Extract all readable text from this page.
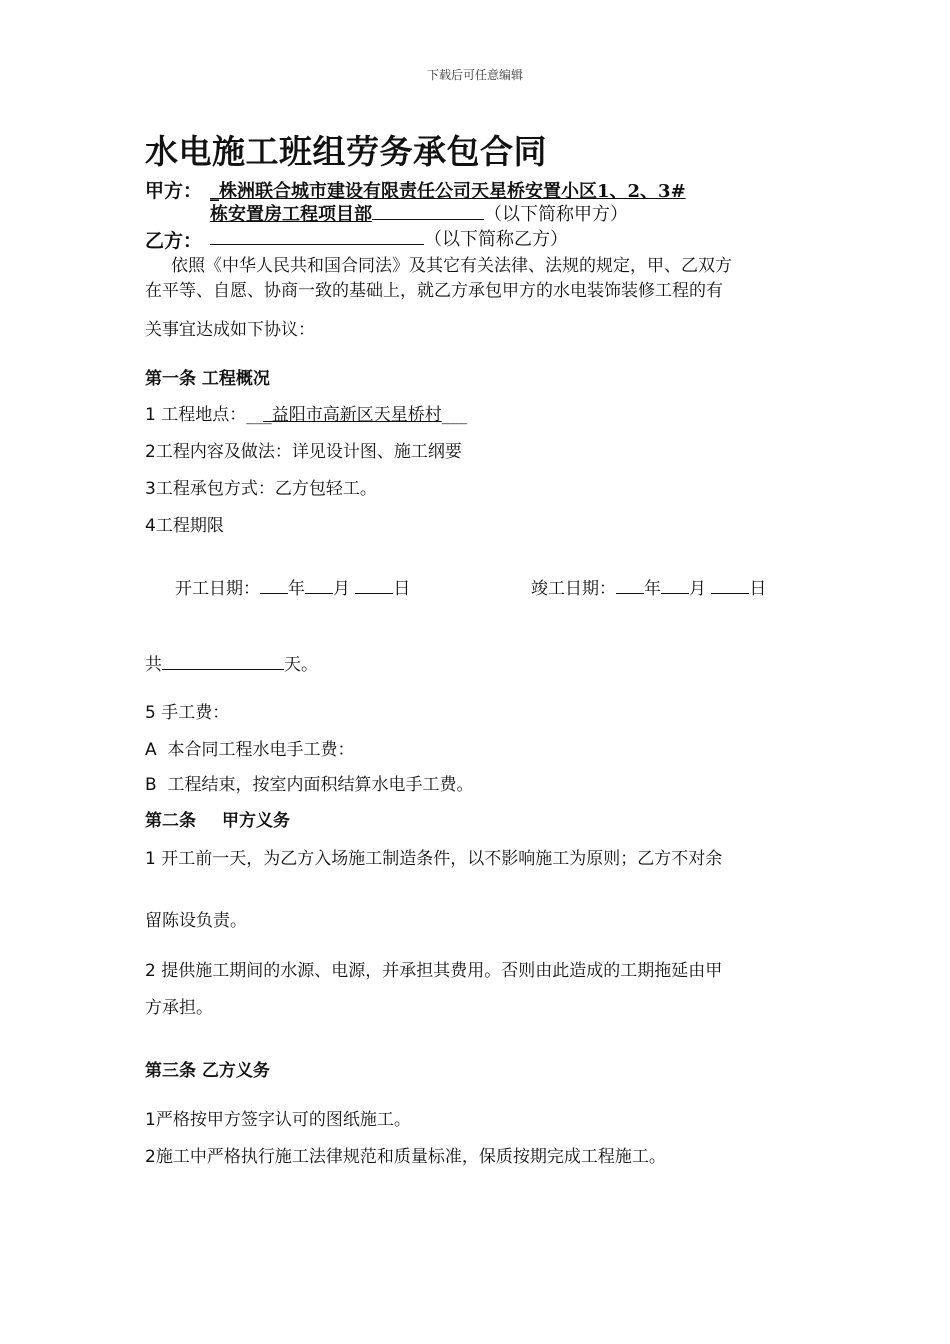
下载后可任意编辑
水电施工班组劳务承包合同
甲方： _株洲联合城市建设有限责任公司天星桥安置小区1、2、3#
栋安置房工程项目部	（以下简称甲方）
乙方：	（以下简称乙方）
依照《中华人民共和国合同法》及其它有关法律、法规的规定，甲、乙双方
在平等、自愿、协商一致的基础上，就乙方承包甲方的水电装饰装修工程的有
关事宜达成如下协议：
第一条 工程概况
1 工程地点：___益阳市高新区天星桥村___
2工程内容及做法：详见设计图、施工纲要
3工程承包方式：乙方包轻工。
4工程期限
开工日期： 年 月	日	竣工日期： 年 月	日
共	天。
5 手工费：
A 本合同工程水电手工费：
B 工程结束，按室内面积结算水电手工费。
第二条 甲方义务
1 开工前一天，为乙方入场施工制造条件，以不影响施工为原则；乙方不对余
留陈设负责。
2 提供施工期间的水源、电源，并承担其费用。否则由此造成的工期拖延由甲
方承担。
第三条 乙方义务
1严格按甲方签字认可的图纸施工。
2施工中严格执行施工法律规范和质量标准，保质按期完成工程施工。
